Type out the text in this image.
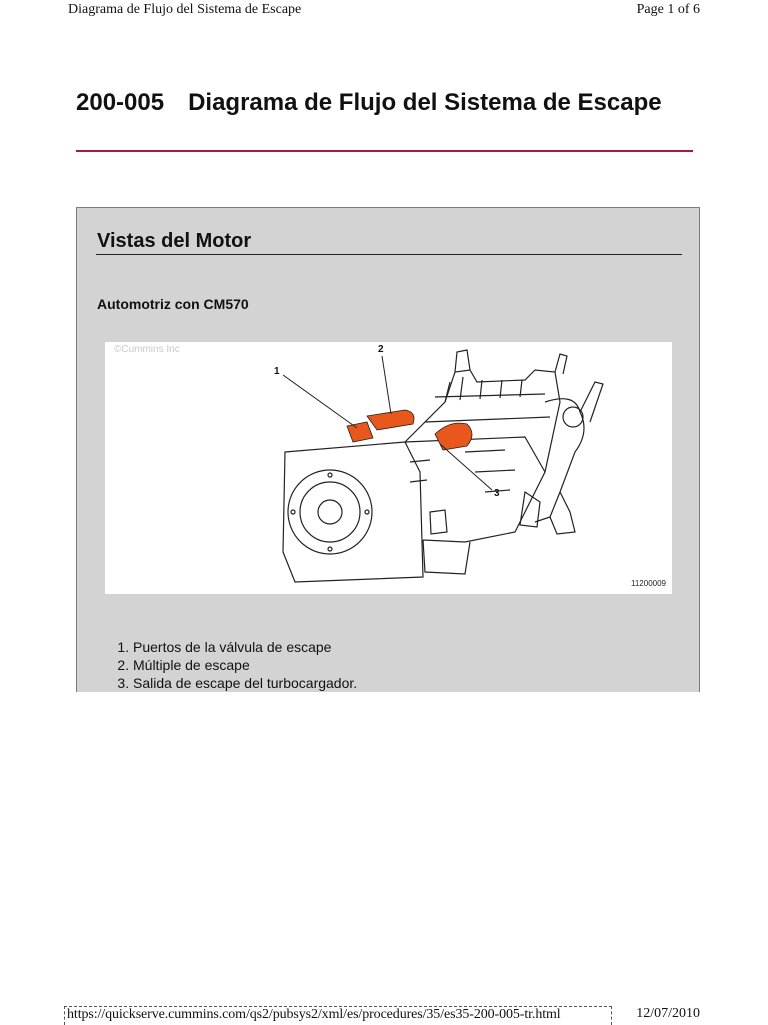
Diagrama de Flujo del Sistema de Escape	Page 1 of 6
200-005 Diagrama de Flujo del Sistema de Escape
Vistas del Motor
Automotriz con CM570
©Cummins Inc
1
2
3
11200009
1. Puertos de la válvula de escape
2. Múltiple de escape
3. Salida de escape del turbocargador.
https://quickserve.cummins.com/qs2/pubsys2/xml/es/procedures/35/es35-200-005-tr.html	12/07/2010
